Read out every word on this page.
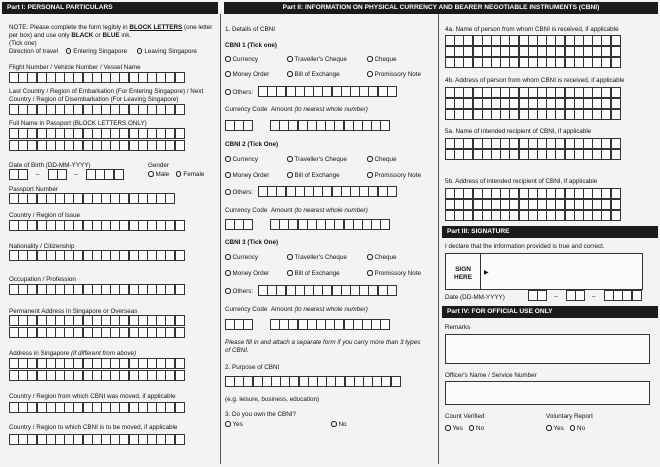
Part I: PERSONAL PARTICULARS	Part II: INFORMATION ON PHYSICAL CURRENCY AND BEARER NEGOTIABLE INSTRUMENTS (CBNI)
Part III: SIGNATURE
Part IV: FOR OFFICIAL USE ONLY
NOTE: Please complete the form legibly in BLOCK LETTERS (one letter
per box) and use only BLACK or BLUE ink.
(Tick one)
Direction of travel Entering Singapore	Leaving Singapore
Flight Number / Vehicle Number / Vessel Name
Last Country / Region of Embarkation (For Entering Singapore) / Next
Country / Region of Disembarkation (For Leaving Singapore)
Full Name in Passport (BLOCK LETTERS ONLY)
Date of Birth (DD-MM-YYYY)
–	–
Gender
Male Female
Passport Number
Country / Region of Issue
Nationality / Citizenship
Occupation / Profession
Permanent Address in Singapore or Overseas
Address in Singapore (if different from above)
Country / Region from which CBNI was moved, if applicable
Country / Region to which CBNI is to be moved, if applicable
1. Details of CBNI
CBNI 1 (Tick one)
Currency	Traveller's Cheque	Cheque
Money Order	Bill of Exchange	Promissory Note
Others:
Currency Code Amount (to nearest whole number)
CBNI 2 (Tick One)
Currency	Traveller's Cheque	Cheque
Money Order	Bill of Exchange	Promissory Note
Others:
Currency Code Amount (to nearest whole number)
CBNI 3 (Tick One)
Currency	Traveller's Cheque	Cheque
Money Order	Bill of Exchange	Promissory Note
Others:
Currency Code Amount (to nearest whole number)
Please fill in and attach a separate form if you carry more than 3 types
of CBNI.
2. Purpose of CBNI
(e.g. leisure, business, education)
3. Do you own the CBNI?
Yes	No
4a. Name of person from whom CBNI is received, if applicable
4b. Address of person from whom CBNI is received, if applicable
5a. Name of intended recipient of CBNI, if applicable
5b. Address of intended recipient of CBNI, if applicable
I declare that the information provided is true and correct.
SIGN
HERE
▶
Date (DD-MM-YYYY)	–	–
Remarks
Officer's Name / Service Number
Count Verified
Yes No
Voluntary Report
Yes No
